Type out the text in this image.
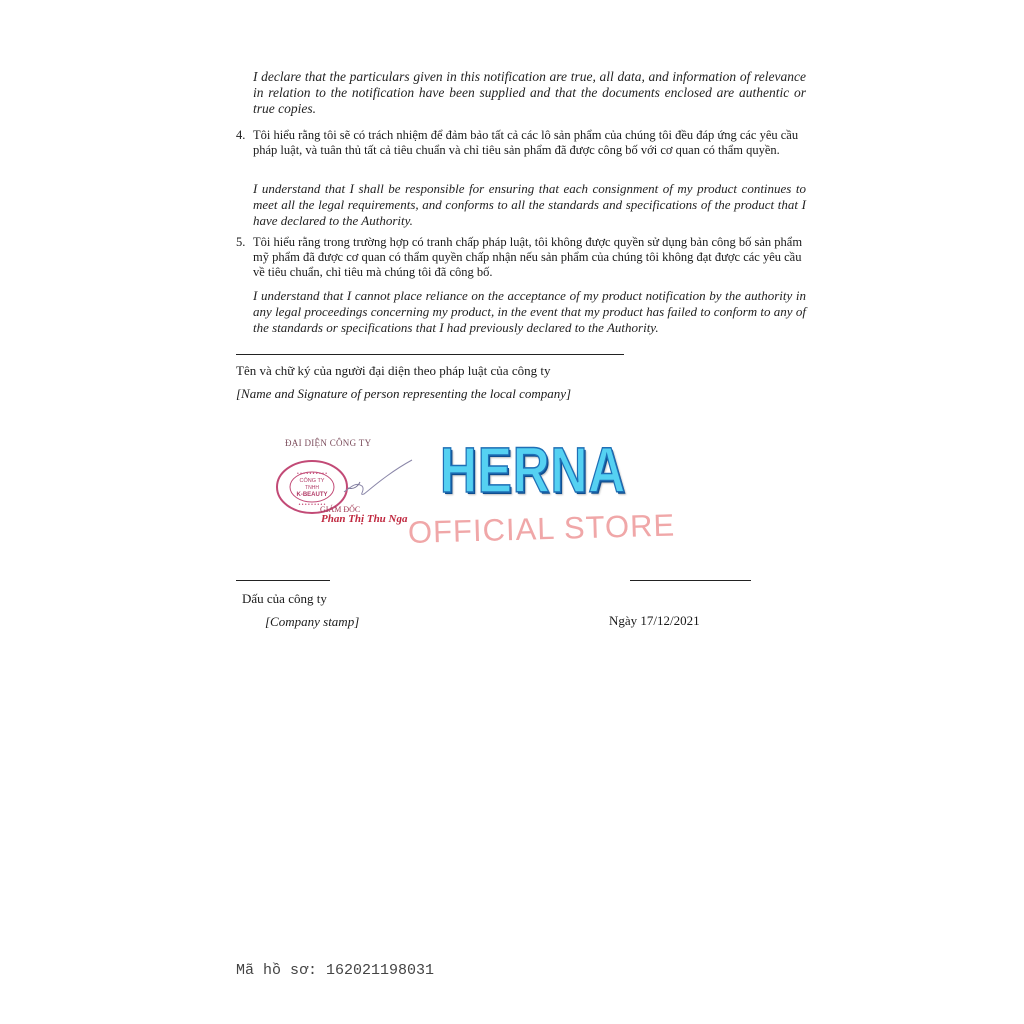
I declare that the particulars given in this notification are true, all data, and information of relevance in relation to the notification have been supplied and that the documents enclosed are authentic or true copies.
4. Tôi hiểu rằng tôi sẽ có trách nhiệm để đảm bảo tất cả các lô sản phẩm của chúng tôi đều đáp ứng các yêu cầu pháp luật, và tuân thủ tất cả tiêu chuẩn và chỉ tiêu sản phẩm đã được công bố với cơ quan có thẩm quyền.
I understand that I shall be responsible for ensuring that each consignment of my product continues to meet all the legal requirements, and conforms to all the standards and specifications of the product that I have declared to the Authority.
5. Tôi hiểu rằng trong trường hợp có tranh chấp pháp luật, tôi không được quyền sử dụng bản công bố sản phẩm mỹ phẩm đã được cơ quan có thẩm quyền chấp nhận nếu sản phẩm của chúng tôi không đạt được các yêu cầu về tiêu chuẩn, chỉ tiêu mà chúng tôi đã công bố.
I understand that I cannot place reliance on the acceptance of my product notification by the authority in any legal proceedings concerning my product, in the event that my product has failed to conform to any of the standards or specifications that I had previously declared to the Authority.
Tên và chữ ký của người đại diện theo pháp luật của công ty
[Name and Signature of person representing the local company]
ĐẠI DIỆN CÔNG TY
• • • • • • • • • •
• • • • • • • • •
CÔNG TY
TNHH
K-BEAUTY
GIÁM ĐỐC
Phan Thị Thu Nga
HERNA
OFFICIAL STORE
Dấu của công ty
[Company stamp]	Ngày 17/12/2021
Mã hồ sơ: 162021198031
